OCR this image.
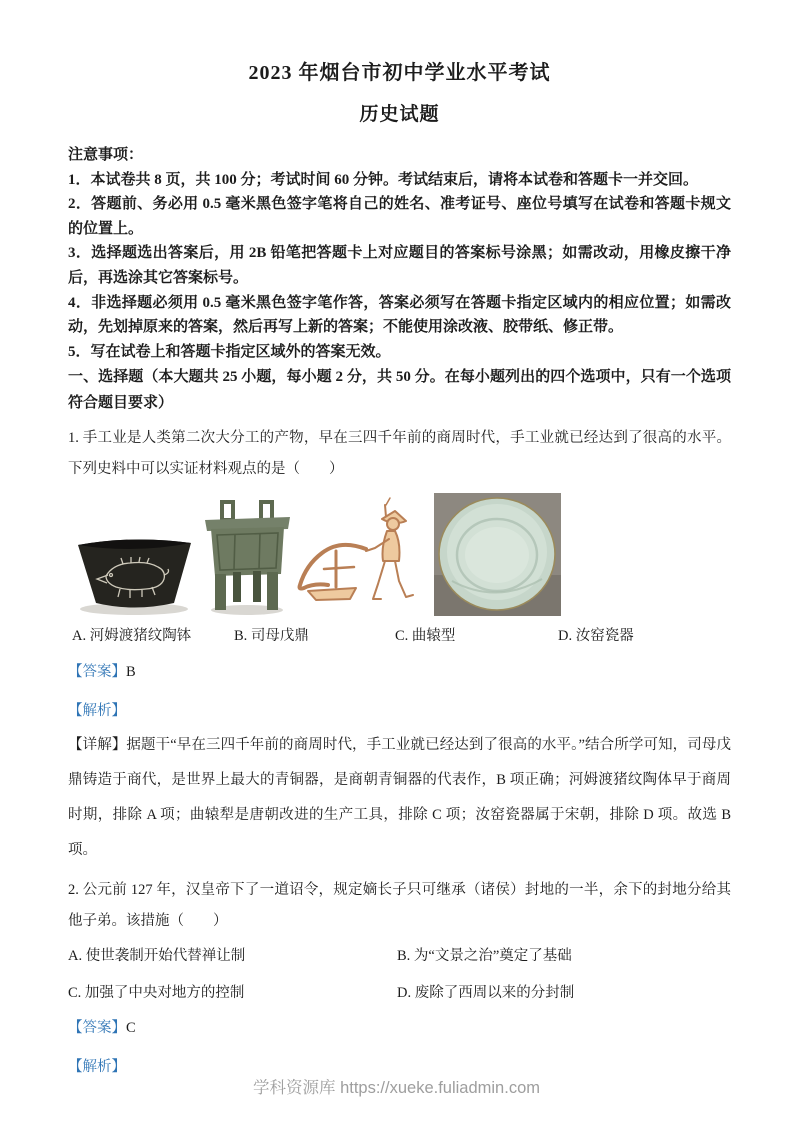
2023 年烟台市初中学业水平考试
历史试题

注意事项：

1．本试卷共 8 页，共 100 分；考试时间 60 分钟。考试结束后，请将本试卷和答题卡一并交回。

2．答题前、务必用 0.5 毫米黑色签字笔将自己的姓名、准考证号、座位号填写在试卷和答题卡规文的位置上。

3．选择题选出答案后，用 2B 铅笔把答题卡上对应题目的答案标号涂黑；如需改动，用橡皮擦干净后，再选涂其它答案标号。

4．非选择题必须用 0.5 毫米黑色签字笔作答，答案必须写在答题卡指定区域内的相应位置；如需改动，先划掉原来的答案，然后再写上新的答案；不能使用涂改液、胶带纸、修正带。

5．写在试卷上和答题卡指定区域外的答案无效。

一、选择题（本大题共 25 小题，每小题 2 分，共 50 分。在每小题列出的四个选项中，只有一个选项符合题目要求）

1. 手工业是人类第二次大分工的产物，早在三四千年前的商周时代，手工业就已经达到了很高的水平。下列史料中可以实证材料观点的是（　　）

A. 河姆渡猪纹陶钵	B. 司母戊鼎	C. 曲辕型	D. 汝窑瓷器

【答案】B

【解析】

【详解】据题干“早在三四千年前的商周时代，手工业就已经达到了很高的水平。”结合所学可知，司母戊鼎铸造于商代，是世界上最大的青铜器，是商朝青铜器的代表作，B 项正确；河姆渡猪纹陶体早于商周时期，排除 A 项；曲辕犁是唐朝改进的生产工具，排除 C 项；汝窑瓷器属于宋朝，排除 D 项。故选 B 项。

2. 公元前 127 年，汉皇帝下了一道诏令，规定嫡长子只可继承（诸侯）封地的一半，余下的封地分给其他子弟。该措施（　　）

A. 使世袭制开始代替禅让制	B. 为“文景之治”奠定了基础
C. 加强了中央对地方的控制	D. 废除了西周以来的分封制

【答案】C

【解析】

学科资源库 https://xueke.fuliadmin.com
